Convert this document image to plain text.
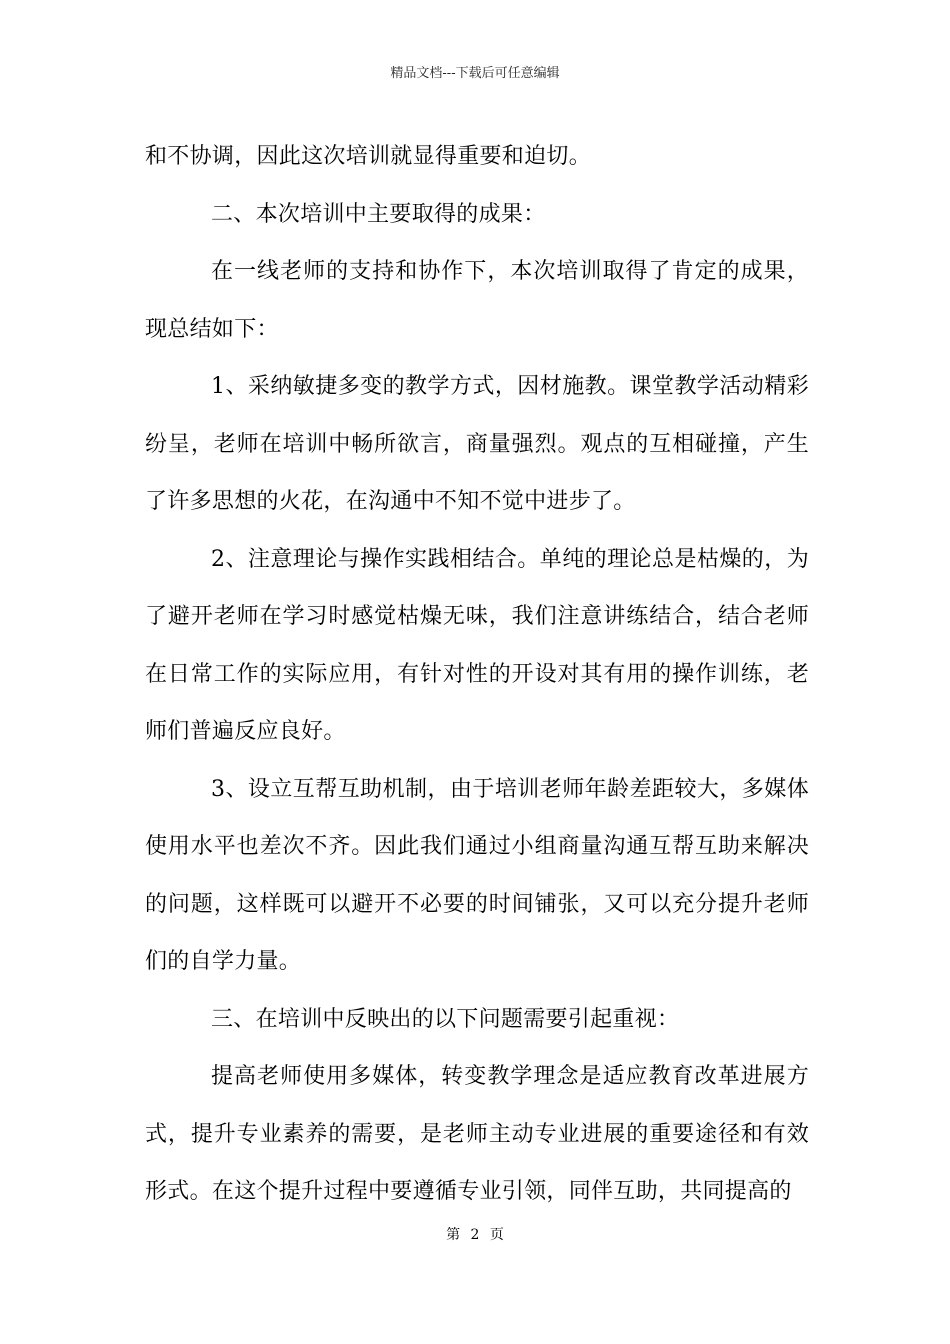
精品文档---下载后可任意编辑

和不协调，因此这次培训就显得重要和迫切。

二、本次培训中主要取得的成果：

在一线老师的支持和协作下，本次培训取得了肯定的成果，现总结如下：

1、采纳敏捷多变的教学方式，因材施教。课堂教学活动精彩纷呈，老师在培训中畅所欲言，商量强烈。观点的互相碰撞，产生了许多思想的火花，在沟通中不知不觉中进步了。

2、注意理论与操作实践相结合。单纯的理论总是枯燥的，为了避开老师在学习时感觉枯燥无味，我们注意讲练结合，结合老师在日常工作的实际应用，有针对性的开设对其有用的操作训练，老师们普遍反应良好。

3、设立互帮互助机制，由于培训老师年龄差距较大，多媒体使用水平也差次不齐。因此我们通过小组商量沟通互帮互助来解决的问题，这样既可以避开不必要的时间铺张，又可以充分提升老师们的自学力量。

三、在培训中反映出的以下问题需要引起重视：

提高老师使用多媒体，转变教学理念是适应教育改革进展方式，提升专业素养的需要，是老师主动专业进展的重要途径和有效形式。在这个提升过程中要遵循专业引领，同伴互助，共同提高的

第 2 页
